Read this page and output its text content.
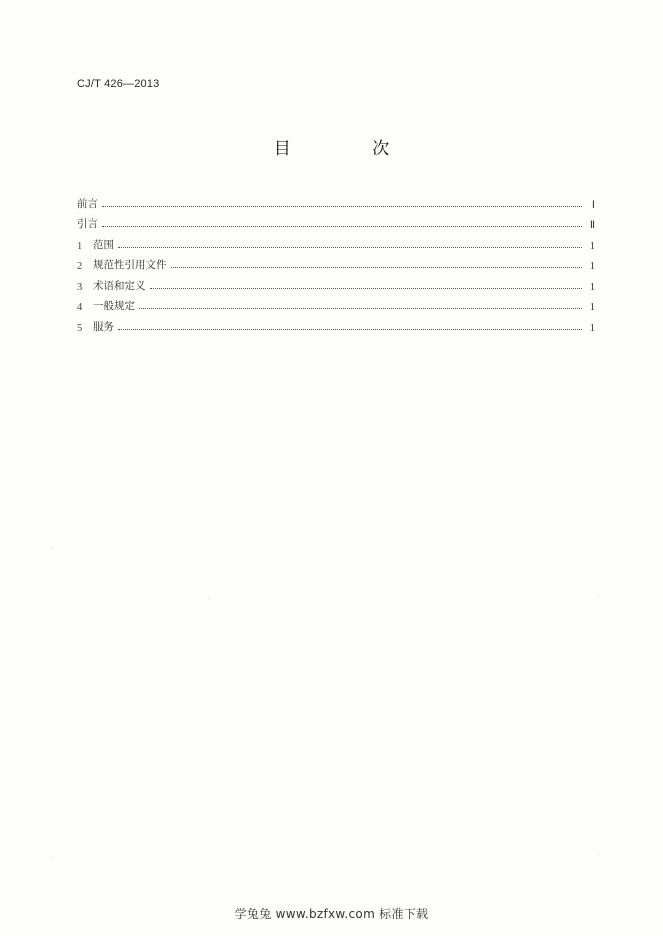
CJ/T 426—2013
目 次
前言	Ⅰ
引言	Ⅱ
1	范围	1
2	规范性引用文件	1
3	术语和定义	1
4	一般规定	1
5	服务	1
学兔兔 www.bzfxw.com 标准下载
